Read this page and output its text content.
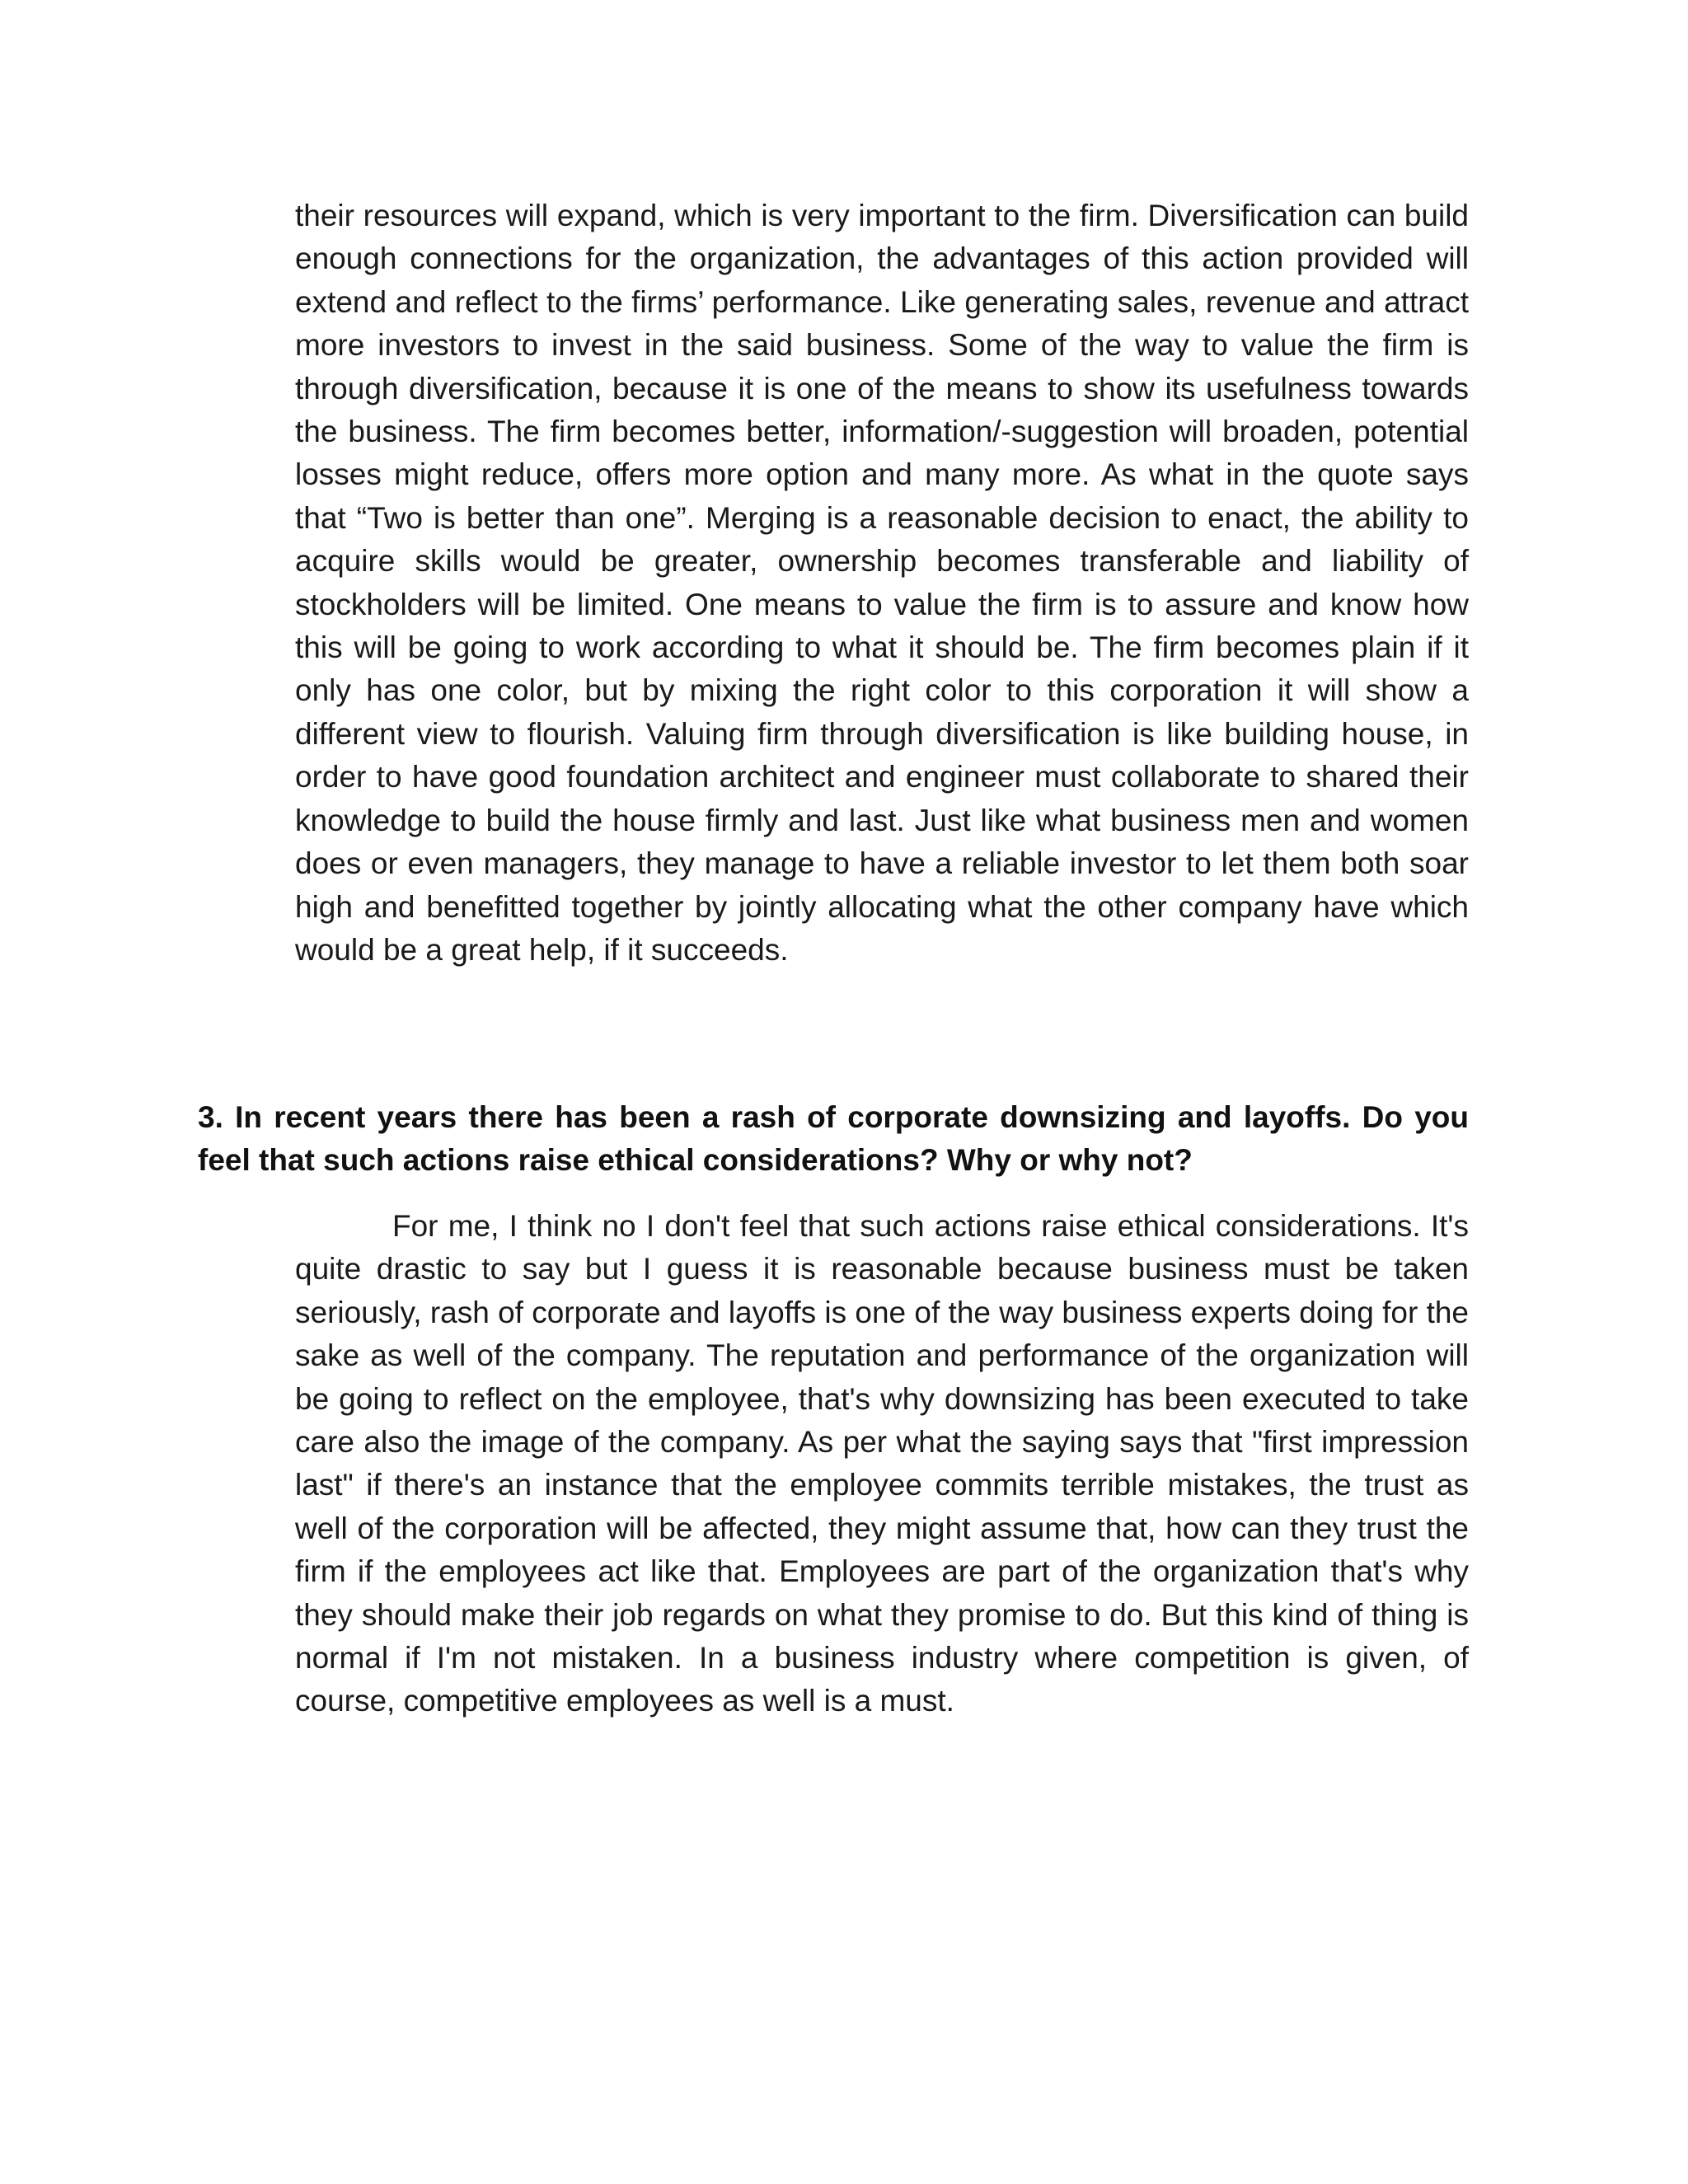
their resources will expand, which is very important to the firm. Diversification can build enough connections for the organization, the advantages of this action provided will extend and reflect to the firms’ performance. Like generating sales, revenue and attract more investors to invest in the said business. Some of the way to value the firm is through diversification, because it is one of the means to show its usefulness towards the business. The firm becomes better, information/-suggestion will broaden, potential losses might reduce, offers more option and many more. As what in the quote says that “Two is better than one”. Merging is a reasonable decision to enact, the ability to acquire skills would be greater, ownership becomes transferable and liability of stockholders will be limited. One means to value the firm is to assure and know how this will be going to work according to what it should be. The firm becomes plain if it only has one color, but by mixing the right color to this corporation it will show a different view to flourish. Valuing firm through diversification is like building house, in order to have good foundation architect and engineer must collaborate to shared their knowledge to build the house firmly and last. Just like what business men and women does or even managers, they manage to have a reliable investor to let them both soar high and benefitted together by jointly allocating what the other company have which would be a great help, if it succeeds.

3. In recent years there has been a rash of corporate downsizing and layoffs. Do you feel that such actions raise ethical considerations? Why or why not?

For me, I think no I don't feel that such actions raise ethical considerations. It's quite drastic to say but I guess it is reasonable because business must be taken seriously, rash of corporate and layoffs is one of the way business experts doing for the sake as well of the company. The reputation and performance of the organization will be going to reflect on the employee, that's why downsizing has been executed to take care also the image of the company. As per what the saying says that "first impression last" if there's an instance that the employee commits terrible mistakes, the trust as well of the corporation will be affected, they might assume that, how can they trust the firm if the employees act like that. Employees are part of the organization that's why they should make their job regards on what they promise to do. But this kind of thing is normal if I'm not mistaken. In a business industry where competition is given, of course, competitive employees as well is a must.
